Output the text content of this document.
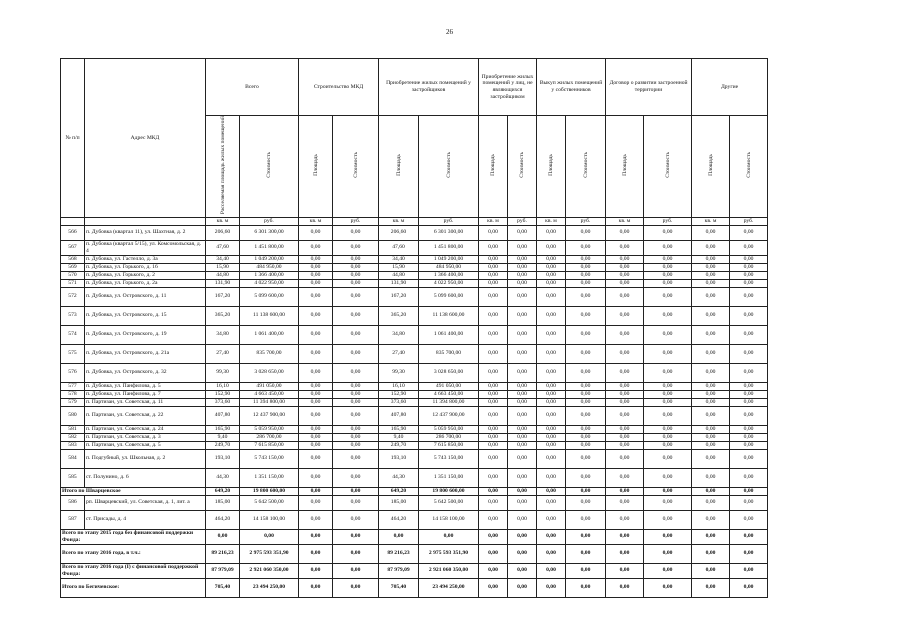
26
№ п/п	Адрес МКД	Всего		Строительство МКД		Приобретение жилых помещений у застройщиков		Приобретение жилых помещений у лиц, не являющихся застройщиком		Выкуп жилых помещений у собственников		Договор о развитии застроенной территории		Другие	
		Расселяемая площадь жилых помещений	Стоимость	Площадь	Стоимость	Площадь	Стоимость	Площадь	Стоимость	Площадь	Стоимость	Площадь	Стоимость	Площадь	Стоимость
		кв. м	руб.	кв. м	руб.	кв. м	руб.	кв. м	руб.	кв. м	руб.	кв. м	руб.	кв. м	руб.
566	п. Дубовка (квартал 11), ул. Шахтная, д. 2	206,60	6 301 300,00	0,00	0,00	206,60	6 301 300,00	0,00	0,00	0,00	0,00	0,00	0,00	0,00	0,00
567	п. Дубовка (квартал 5/15), ул. Комсомольская, д. 4	47,60	1 451 800,00	0,00	0,00	47,60	1 451 800,00	0,00	0,00	0,00	0,00	0,00	0,00	0,00	0,00
568	п. Дубовка, ул. Гастелло, д. 3а	34,40	1 049 200,00	0,00	0,00	34,40	1 049 200,00	0,00	0,00	0,00	0,00	0,00	0,00	0,00	0,00
569	п. Дубовка, ул. Горького, д. 16	15,90	484 950,00	0,00	0,00	15,90	484 950,00	0,00	0,00	0,00	0,00	0,00	0,00	0,00	0,00
570	п. Дубовка, ул. Горького, д. 2	44,80	1 366 400,00	0,00	0,00	44,80	1 366 400,00	0,00	0,00	0,00	0,00	0,00	0,00	0,00	0,00
571	п. Дубовка, ул. Горького, д. 2а	131,90	4 022 950,00	0,00	0,00	131,90	4 022 950,00	0,00	0,00	0,00	0,00	0,00	0,00	0,00	0,00
572	п. Дубовка, ул. Островского, д. 11	167,20	5 099 600,00	0,00	0,00	167,20	5 099 600,00	0,00	0,00	0,00	0,00	0,00	0,00	0,00	0,00
573	п. Дубовка, ул. Островского, д. 15	365,20	11 138 600,00	0,00	0,00	365,20	11 138 600,00	0,00	0,00	0,00	0,00	0,00	0,00	0,00	0,00
574	п. Дубовка, ул. Островского, д. 19	34,80	1 061 400,00	0,00	0,00	34,80	1 061 400,00	0,00	0,00	0,00	0,00	0,00	0,00	0,00	0,00
575	п. Дубовка, ул. Островского, д. 21а	27,40	835 700,00	0,00	0,00	27,40	835 700,00	0,00	0,00	0,00	0,00	0,00	0,00	0,00	0,00
576	п. Дубовка, ул. Островского, д. 32	99,30	3 028 650,00	0,00	0,00	99,30	3 028 650,00	0,00	0,00	0,00	0,00	0,00	0,00	0,00	0,00
577	п. Дубовка, ул. Панфилова, д. 5	16,10	491 050,00	0,00	0,00	16,10	491 050,00	0,00	0,00	0,00	0,00	0,00	0,00	0,00	0,00
578	п. Дубовка, ул. Панфилова, д. 7	152,90	4 663 450,00	0,00	0,00	152,90	4 663 450,00	0,00	0,00	0,00	0,00	0,00	0,00	0,00	0,00
579	п. Партизан, ул. Советская, д. 11	373,60	11 394 800,00	0,00	0,00	373,60	11 394 800,00	0,00	0,00	0,00	0,00	0,00	0,00	0,00	0,00
580	п. Партизан, ул. Советская, д. 22	407,80	12 437 900,00	0,00	0,00	407,80	12 437 900,00	0,00	0,00	0,00	0,00	0,00	0,00	0,00	0,00
581	п. Партизан, ул. Советская, д. 24	165,90	5 059 950,00	0,00	0,00	165,90	5 059 950,00	0,00	0,00	0,00	0,00	0,00	0,00	0,00	0,00
582	п. Партизан, ул. Советская, д. 3	9,40	286 700,00	0,00	0,00	9,40	286 700,00	0,00	0,00	0,00	0,00	0,00	0,00	0,00	0,00
583	п. Партизан, ул. Советская, д. 5	249,70	7 615 850,00	0,00	0,00	249,70	7 615 850,00	0,00	0,00	0,00	0,00	0,00	0,00	0,00	0,00
584	п. Подгубный, ул. Школьная, д. 2	193,10	5 743 150,00	0,00	0,00	193,10	5 743 150,00	0,00	0,00	0,00	0,00	0,00	0,00	0,00	0,00
585	ст. Полунино, д. 6	44,30	1 351 150,00	0,00	0,00	44,30	1 351 150,00	0,00	0,00	0,00	0,00	0,00	0,00	0,00	0,00
Итого по Шварцевское		649,20	19 800 600,00	0,00	0,00	649,20	19 800 600,00	0,00	0,00	0,00	0,00	0,00	0,00	0,00	0,00
586	рп. Шварцевский, ул. Советская, д. 1, лит. а	185,00	5 642 500,00	0,00	0,00	185,00	5 642 500,00	0,00	0,00	0,00	0,00	0,00	0,00	0,00	0,00
587	ст. Присады, д. 4	464,20	14 158 100,00	0,00	0,00	464,20	14 158 100,00	0,00	0,00	0,00	0,00	0,00	0,00	0,00	0,00
Всего по этапу 2015 года без финансовой поддержки Фонда:		0,00	0,00	0,00	0,00	0,00	0,00	0,00	0,00	0,00	0,00	0,00	0,00	0,00	0,00
Всего по этапу 2016 года, в т.ч.:		89 216,23	2 975 593 351,90	0,00	0,00	89 216,23	2 975 593 351,90	0,00	0,00	0,00	0,00	0,00	0,00	0,00	0,00
Всего по этапу 2016 года (I) с финансовой поддержкой Фонда:		87 979,09	2 921 060 350,00	0,00	0,00	87 979,09	2 921 060 350,00	0,00	0,00	0,00	0,00	0,00	0,00	0,00	0,00
Итого по Бегичевское:		705,40	23 494 250,00	0,00	0,00	705,40	23 494 250,00	0,00	0,00	0,00	0,00	0,00	0,00	0,00	0,00
